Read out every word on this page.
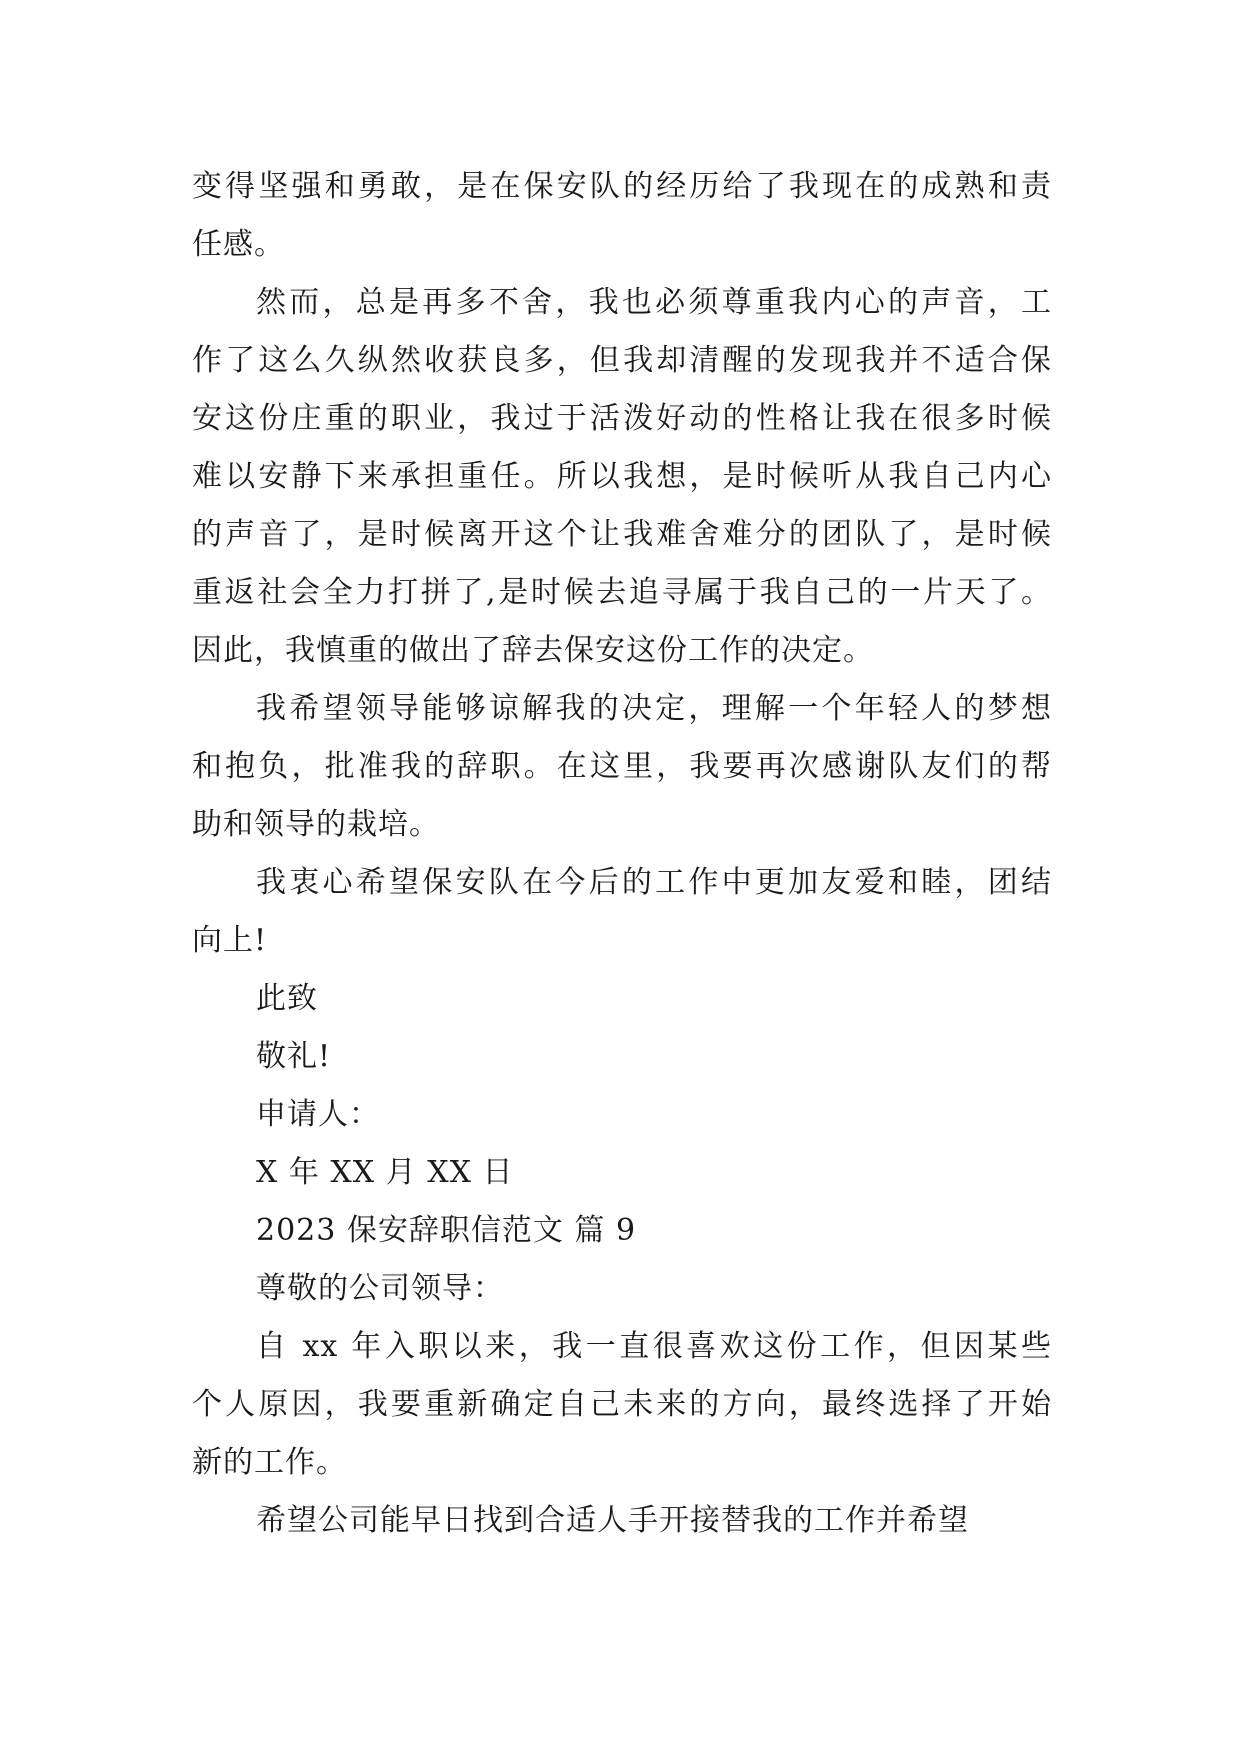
变得坚强和勇敢，是在保安队的经历给了我现在的成熟和责
任感。
然而，总是再多不舍，我也必须尊重我内心的声音，工
作了这么久纵然收获良多，但我却清醒的发现我并不适合保
安这份庄重的职业，我过于活泼好动的性格让我在很多时候
难以安静下来承担重任。所以我想，是时候听从我自己内心
的声音了，是时候离开这个让我难舍难分的团队了，是时候
重返社会全力打拼了,是时候去追寻属于我自己的一片天了。
因此，我慎重的做出了辞去保安这份工作的决定。
我希望领导能够谅解我的决定，理解一个年轻人的梦想
和抱负，批准我的辞职。在这里，我要再次感谢队友们的帮
助和领导的栽培。
我衷心希望保安队在今后的工作中更加友爱和睦，团结
向上!
此致
敬礼!
申请人：
X 年 XX 月 XX 日
2023 保安辞职信范文 篇 9
尊敬的公司领导：
自 xx 年入职以来，我一直很喜欢这份工作，但因某些
个人原因，我要重新确定自己未来的方向，最终选择了开始
新的工作。
希望公司能早日找到合适人手开接替我的工作并希望
